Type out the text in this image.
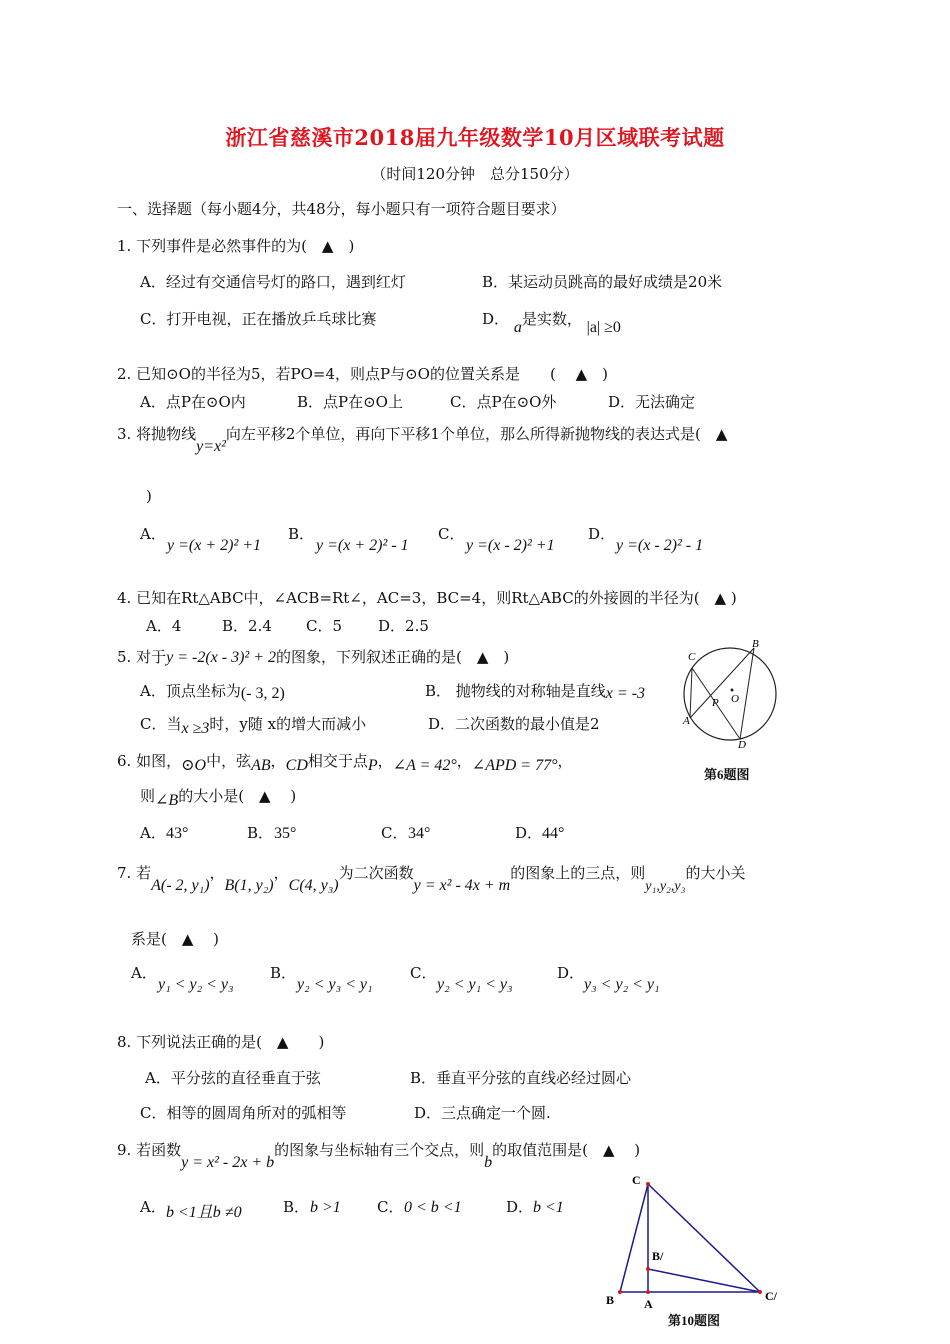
浙江省慈溪市2018届九年级数学10月区域联考试题
（时间120分钟　总分150分）
一、选择题（每小题4分，共48分，每小题只有一项符合题目要求）
1. 下列事件是必然事件的为(　▲　)
A．经过有交通信号灯的路口，遇到红灯	B．某运动员跳高的最好成绩是20米
C．打开电视，正在播放乒乓球比赛	D． a是实数， |a| ≥0
2. 已知⊙O的半径为5，若PO=4，则点P与⊙O的位置关系是　　(　 ▲　)
A．点P在⊙O内	B．点P在⊙O上	C．点P在⊙O外	D．无法确定
3. 将抛物线y=x²向左平移2个单位，再向下平移1个单位，那么所得新抛物线的表达式是(　▲
)
A．
y =(x + 2)² +1
B．
y =(x + 2)² - 1
C．
y =(x - 2)² +1
D．
y =(x - 2)² - 1
4. 已知在Rt△ABC中，∠ACB=Rt∠，AC=3，BC=4，则Rt△ABC的外接圆的半径为(　▲ )
A．4	B．2.4 C．5 D．2.5
5. 对于y = -2(x - 3)² + 2的图象，下列叙述正确的是(　▲　)
A．顶点坐标为(- 3, 2)	B． 抛物线的对称轴是直线x = -3
C．当x ≥3时，y随 x的增大而减小	D．二次函数的最小值是2
C
B
P O
A
D
第6题图
6. 如图，⊙O中，弦AB，CD相交于点P，∠A = 42°，∠APD = 77°，
则∠B的大小是(　▲　 )
A． 43°	B． 35°	C． 34°	D． 44°
7. 若A(- 2, y₁)，B(1, y₂)，C(4, y₃)为二次函数y = x² - 4x + m的图象上的三点，则y₁,y₂,y₃的大小关
系是(　▲　 )
A．
y₁ < y₂ < y₃
B．
y₂ < y₃ < y₁
C．
y₂ < y₁ < y₃
D．
y₃ < y₂ < y₁
8. 下列说法正确的是(　▲　　)
A．平分弦的直径垂直于弦	B．垂直平分弦的直线必经过圆心
C．相等的圆周角所对的弧相等	D．三点确定一个圆.
9. 若函数y = x² - 2x + b的图象与坐标轴有三个交点，则b的取值范围是(　▲　 )
A． b <1且b ≠0	B． b >1 C． 0 < b <1	D． b <1
C
B/
B A
C/
第10题图
